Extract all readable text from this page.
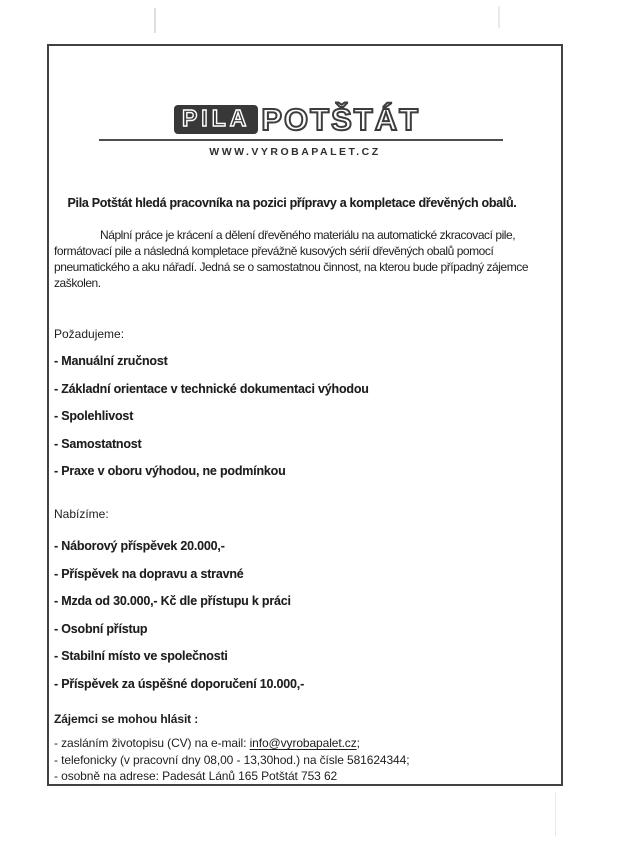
PILA POTŠTÁT
WWW.VYROBAPALET.CZ

Pila Potštát hledá pracovníka na pozici přípravy a kompletace dřevěných obalů.

Náplní práce je krácení a dělení dřevěného materiálu na automatické zkracovací pile,
formátovací pile a následná kompletace převážně kusových sérií dřevěných obalů pomocí
pneumatického a aku nářadí. Jedná se o samostatnou činnost, na kterou bude případný zájemce
zaškolen.

Požadujeme:

- Manuální zručnost

- Základní orientace v technické dokumentaci výhodou

- Spolehlivost

- Samostatnost

- Praxe v oboru výhodou, ne podmínkou

Nabízíme:

- Náborový příspěvek 20.000,-

- Příspěvek na dopravu a stravné

- Mzda od 30.000,- Kč dle přístupu k práci

- Osobní přístup

- Stabilní místo ve společnosti

- Příspěvek za úspěšné doporučení 10.000,-

Zájemci se mohou hlásit :

- zasláním životopisu (CV) na e-mail: info@vyrobapalet.cz;

- telefonicky (v pracovní dny 08,00 - 13,30hod.) na čísle 581624344;

- osobně na adrese: Padesát Lánů 165 Potštát 753 62
